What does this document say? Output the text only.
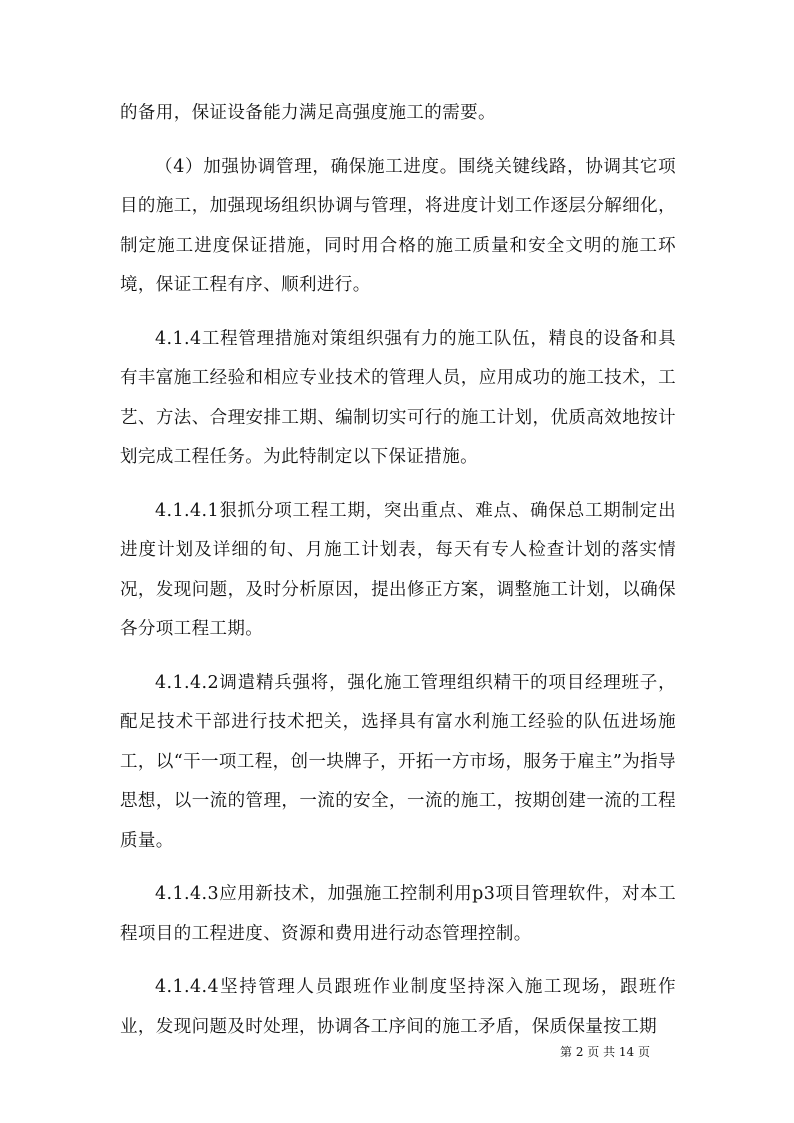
的备用，保证设备能力满足高强度施工的需要。

（4）加强协调管理，确保施工进度。围绕关键线路，协调其它项目的施工，加强现场组织协调与管理，将进度计划工作逐层分解细化，制定施工进度保证措施，同时用合格的施工质量和安全文明的施工环境，保证工程有序、顺利进行。

4.1.4工程管理措施对策组织强有力的施工队伍，精良的设备和具有丰富施工经验和相应专业技术的管理人员，应用成功的施工技术，工艺、方法、合理安排工期、编制切实可行的施工计划，优质高效地按计划完成工程任务。为此特制定以下保证措施。

4.1.4.1狠抓分项工程工期，突出重点、难点、确保总工期制定出进度计划及详细的旬、月施工计划表，每天有专人检查计划的落实情况，发现问题，及时分析原因，提出修正方案，调整施工计划，以确保各分项工程工期。

4.1.4.2调遣精兵强将，强化施工管理组织精干的项目经理班子，配足技术干部进行技术把关，选择具有富水利施工经验的队伍进场施工，以“干一项工程，创一块牌子，开拓一方市场，服务于雇主”为指导思想，以一流的管理，一流的安全，一流的施工，按期创建一流的工程质量。

4.1.4.3应用新技术，加强施工控制利用p3项目管理软件，对本工程项目的工程进度、资源和费用进行动态管理控制。

4.1.4.4坚持管理人员跟班作业制度坚持深入施工现场，跟班作业，发现问题及时处理，协调各工序间的施工矛盾，保质保量按工期

第 2 页 共 14 页
